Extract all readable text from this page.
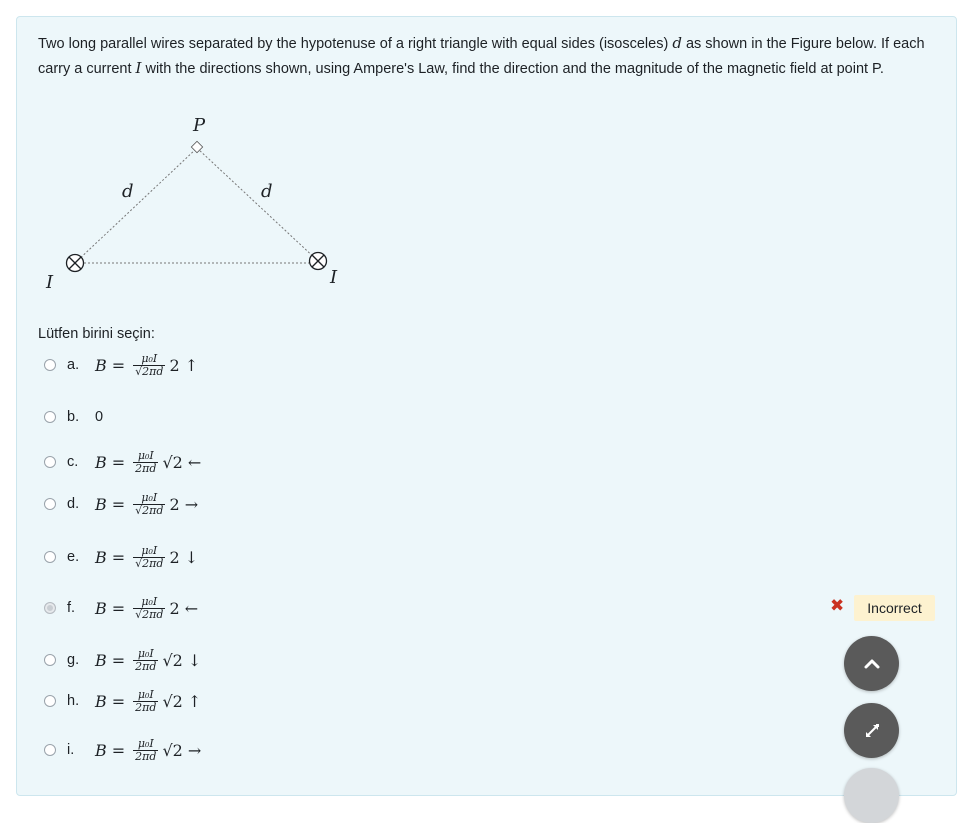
Two long parallel wires separated by the hypotenuse of a right triangle with equal sides (isosceles) d as shown in the Figure below. If each carry a current I with the directions shown, using Ampere's Law, find the direction and the magnitude of the magnetic field at point P.
P
d	d
I	I
Lütfen birini seçin:
a. $B = \frac{\text{μ₀I}}{√2\pi d} 2$ ↑
b.	0
c.	$B = \frac{\text{μ₀I}}{2\pi d} √2$ ←
d. $B = \frac{\text{μ₀I}}{√2\pi d} 2$ →
e. $B = \frac{\text{μ₀I}}{√2\pi d} 2$ ↓
f.	$B = \frac{\text{μ₀I}}{√2\pi d} 2$ ←
g. $B = \frac{\text{μ₀I}}{2\pi d} √2$ ↓
h. $B = \frac{\text{μ₀I}}{2\pi d} √2$ ↑
i.	$B = \frac{\text{μ₀I}}{2\pi d} √2$ →
✖	Incorrect
